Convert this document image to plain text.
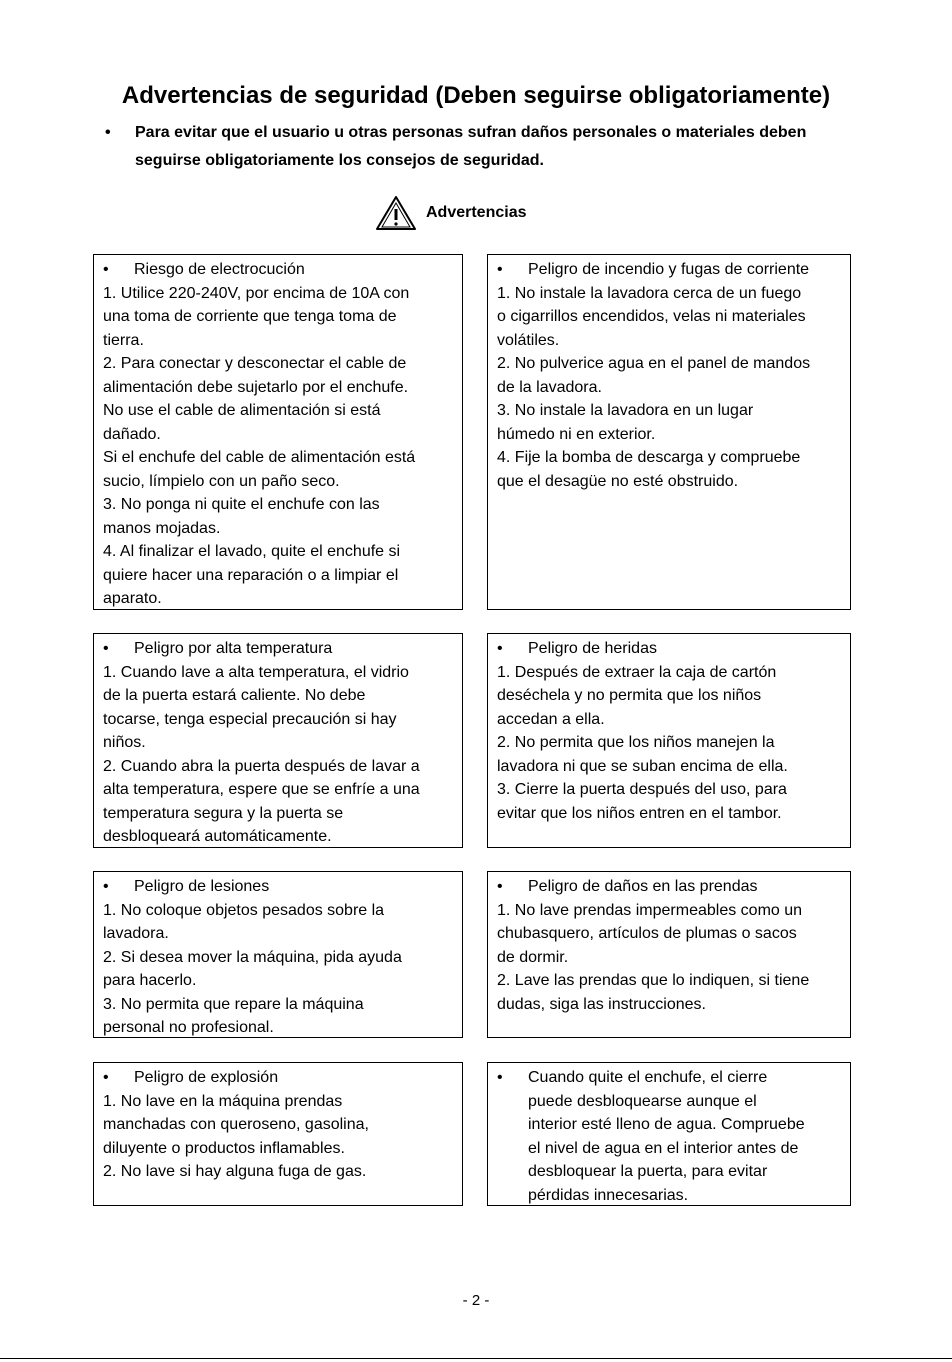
Advertencias de seguridad (Deben seguirse obligatoriamente)
• Para evitar que el usuario u otras personas sufran daños personales o materiales deben seguirse obligatoriamente los consejos de seguridad.
Advertencias
• Riesgo de electrocución
1. Utilice 220-240V, por encima de 10A con
una toma de corriente que tenga toma de
tierra.
2. Para conectar y desconectar el cable de
alimentación debe sujetarlo por el enchufe.
No use el cable de alimentación si está
dañado.
Si el enchufe del cable de alimentación está
sucio, límpielo con un paño seco.
3. No ponga ni quite el enchufe con las
manos mojadas.
4. Al finalizar el lavado, quite el enchufe si
quiere hacer una reparación o a limpiar el
aparato.
• Peligro de incendio y fugas de corriente
1. No instale la lavadora cerca de un fuego
o cigarrillos encendidos, velas ni materiales
volátiles.
2. No pulverice agua en el panel de mandos
de la lavadora.
3. No instale la lavadora en un lugar
húmedo ni en exterior.
4. Fije la bomba de descarga y compruebe
que el desagüe no esté obstruido.
• Peligro por alta temperatura
1. Cuando lave a alta temperatura, el vidrio
de la puerta estará caliente. No debe
tocarse, tenga especial precaución si hay
niños.
2. Cuando abra la puerta después de lavar a
alta temperatura, espere que se enfríe a una
temperatura segura y la puerta se
desbloqueará automáticamente.
• Peligro de heridas
1. Después de extraer la caja de cartón
deséchela y no permita que los niños
accedan a ella.
2. No permita que los niños manejen la
lavadora ni que se suban encima de ella.
3. Cierre la puerta después del uso, para
evitar que los niños entren en el tambor.
• Peligro de lesiones
1. No coloque objetos pesados sobre la
lavadora.
2. Si desea mover la máquina, pida ayuda
para hacerlo.
3. No permita que repare la máquina
personal no profesional.
• Peligro de daños en las prendas
1. No lave prendas impermeables como un
chubasquero, artículos de plumas o sacos
de dormir.
2. Lave las prendas que lo indiquen, si tiene
dudas, siga las instrucciones.
• Peligro de explosión
1. No lave en la máquina prendas
manchadas con queroseno, gasolina,
diluyente o productos inflamables.
2. No lave si hay alguna fuga de gas.
• Cuando quite el enchufe, el cierre
puede desbloquearse aunque el
interior esté lleno de agua. Compruebe
el nivel de agua en el interior antes de
desbloquear la puerta, para evitar
pérdidas innecesarias.
- 2 -
